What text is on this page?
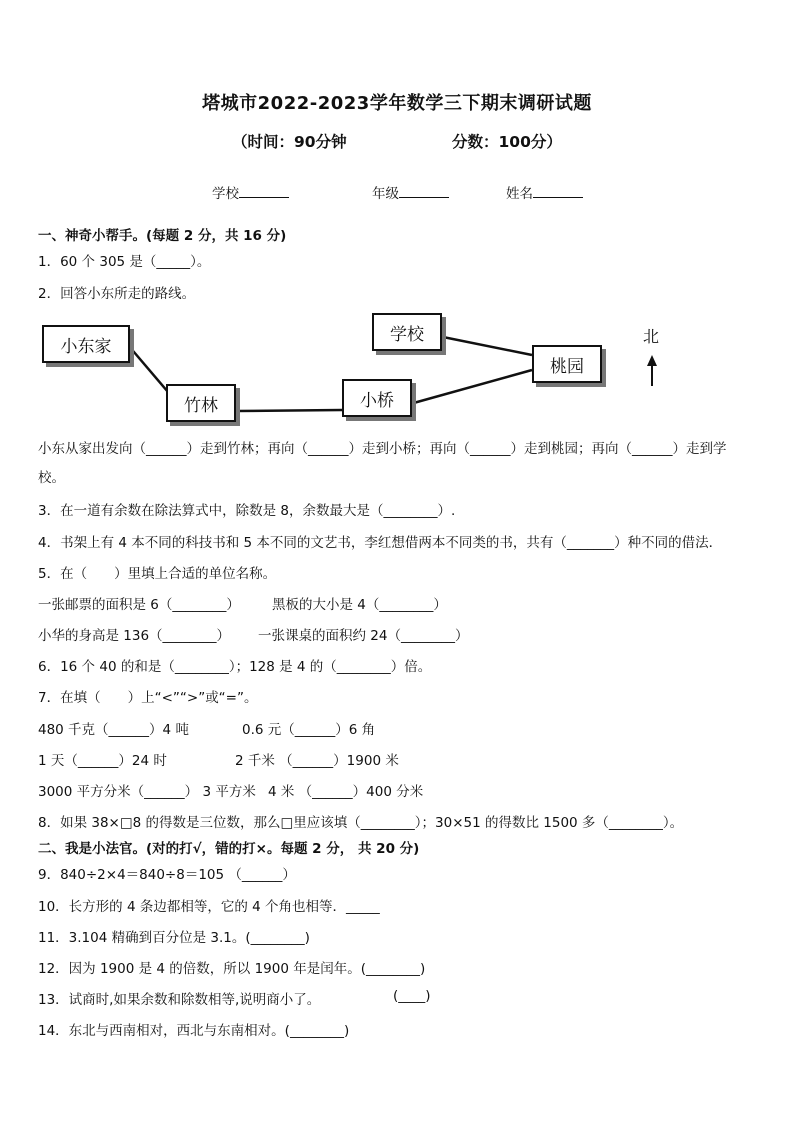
塔城市2022-2023学年数学三下期末调研试题
（时间：90分钟	分数：100分）
学校	年级	姓名
一、神奇小帮手。(每题 2 分，共 16 分)
1．60 个 305 是（_____）。
2．回答小东所走的路线。
小东家
竹林	小桥
学校
桃园
北
小东从家出发向（______）走到竹林；再向（______）走到小桥；再向（______）走到桃园；再向（______）走到学
校。
3．在一道有余数在除法算式中，除数是 8，余数最大是（________）.
4．书架上有 4 本不同的科技书和 5 本不同的文艺书，李红想借两本不同类的书，共有（_______）种不同的借法．
5．在（　　）里填上合适的单位名称。
一张邮票的面积是 6（________） 黑板的大小是 4（________）
小华的身高是 136（________） 一张课桌的面积约 24（________）
6．16 个 40 的和是（________）；128 是 4 的（________）倍。
7．在填（　　）上“<”“>”或“=”。
480 千克（______）4 吨	0.6 元（______）6 角
1 天（______）24 时	2 千米 （______）1900 米
3000 平方分米（______） 3 平方米 4 米 （______）400 分米
8．如果 38×□8 的得数是三位数，那么□里应该填（________）；30×51 的得数比 1500 多（________）。
二、我是小法官。(对的打√，错的打×。每题 2 分， 共 20 分)
9．840÷2×4＝840÷8＝105 （______）
10．长方形的 4 条边都相等，它的 4 个角也相等．_____
11．3.104 精确到百分位是 3.1。(________)
12．因为 1900 是 4 的倍数，所以 1900 年是闰年。(________)
13．试商时,如果余数和除数相等,说明商小了。	(____)
14．东北与西南相对，西北与东南相对。(________)
